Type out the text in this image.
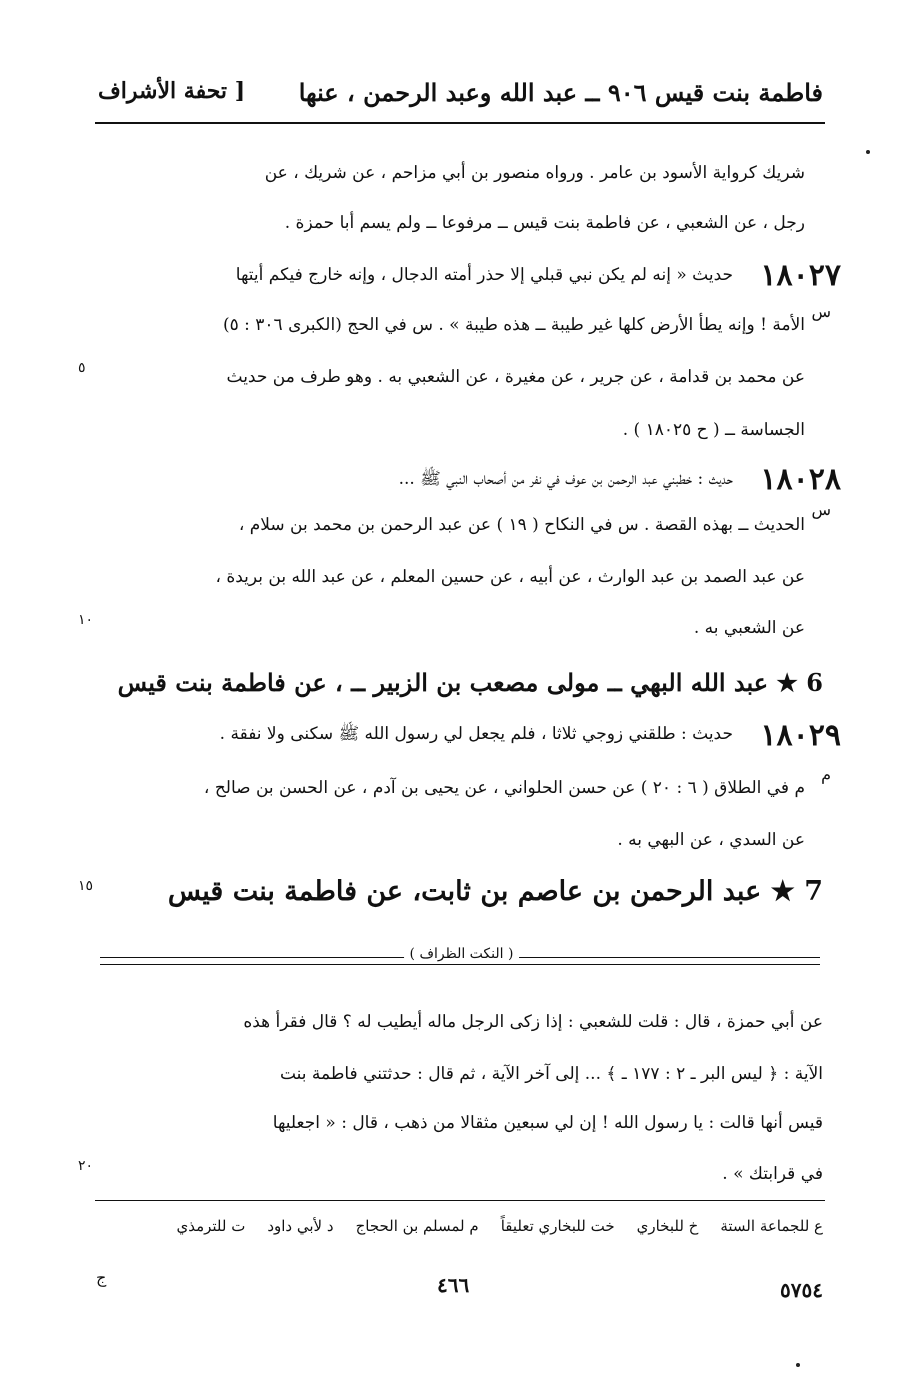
فاطمة بنت قيس ٩٠٦ ــ عبد الله وعبد الرحمن ، عنها
[ تحفة الأشراف
شريك كرواية الأسود بن عامر . ورواه منصور بن أبي مزاحم ، عن شريك ، عن
رجل ، عن الشعبي ، عن فاطمة بنت قيس ــ مرفوعا ــ ولم يسم أبا حمزة .
١٨٠٢٧
حديث « إنه لم يكن نبي قبلي إلا حذر أمته الدجال ، وإنه خارج فيكم أيتها
س
الأمة ! وإنه يطأ الأرض كلها غير طيبة ــ هذه طيبة » . س في الحج (الكبرى ٣٠٦ : ٥)
عن محمد بن قدامة ، عن جرير ، عن مغيرة ، عن الشعبي به . وهو طرف من حديث
الجساسة ــ ( ح ١٨٠٢٥ ) .
١٨٠٢٨
حديث : خطبني عبد الرحمن بن عوف في نفر من أصحاب النبي ﷺ ...
س
الحديث ــ بهذه القصة . س في النكاح ( ١٩ ) عن عبد الرحمن بن محمد بن سلام ،
عن عبد الصمد بن عبد الوارث ، عن أبيه ، عن حسين المعلم ، عن عبد الله بن بريدة ،
عن الشعبي به .
6 ★ عبد الله البهي ــ مولى مصعب بن الزبير ــ ، عن فاطمة بنت قيس
١٨٠٢٩
حديث : طلقني زوجي ثلاثا ، فلم يجعل لي رسول الله ﷺ سكنى ولا نفقة .
م
م في الطلاق ( ٦ : ٢٠ ) عن حسن الحلواني ، عن يحيى بن آدم ، عن الحسن بن صالح ،
عن السدي ، عن البهي به .
7 ★ عبد الرحمن بن عاصم بن ثابت، عن فاطمة بنت قيس
٥
١٠
١٥
٢٠
( النكت الظراف )
عن أبي حمزة ، قال : قلت للشعبي : إذا زكى الرجل ماله أيطيب له ؟ قال فقرأ هذه
الآية : ﴿ ليس البر ـ ٢ : ١٧٧ ـ ﴾ ... إلى آخر الآية ، ثم قال : حدثتني فاطمة بنت
قيس أنها قالت : يا رسول الله ! إن لي سبعين مثقالا من ذهب ، قال : « اجعليها
في قرابتك » .
ع للجماعة الستة
خ للبخاري
خت للبخاري تعليقاً
م لمسلم بن الحجاج
د لأبي داود
ت للترمذي
ج	٤٦٦	٥٧٥٤
